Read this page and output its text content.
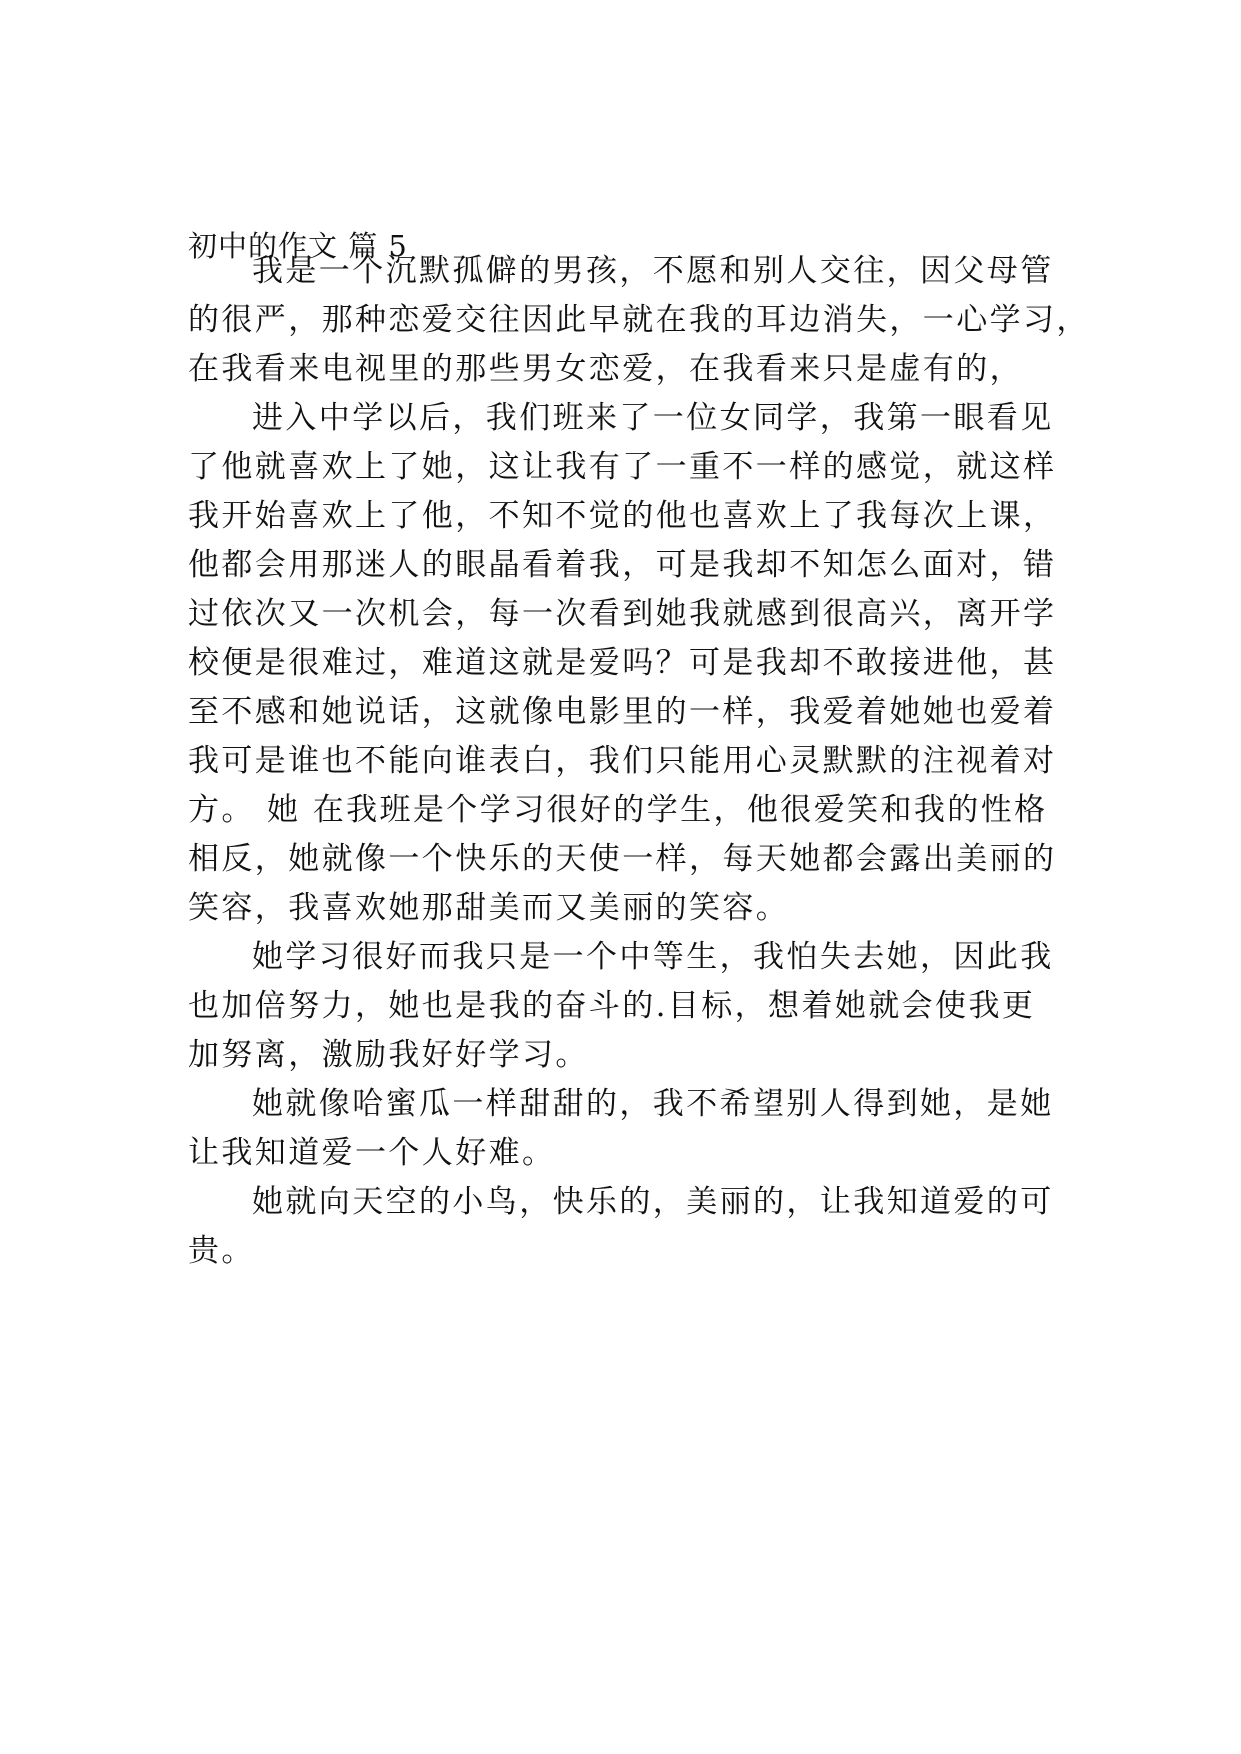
初中的作文 篇 5
我是一个沉默孤僻的男孩，不愿和别人交往，因父母管
的很严，那种恋爱交往因此早就在我的耳边消失，一心学习，
在我看来电视里的那些男女恋爱，在我看来只是虚有的，
进入中学以后，我们班来了一位女同学，我第一眼看见
了他就喜欢上了她，这让我有了一重不一样的感觉，就这样
我开始喜欢上了他，不知不觉的他也喜欢上了我每次上课，
他都会用那迷人的眼晶看着我，可是我却不知怎么面对，错
过依次又一次机会，每一次看到她我就感到很高兴，离开学
校便是很难过，难道这就是爱吗？可是我却不敢接进他，甚
至不感和她说话，这就像电影里的一样，我爱着她她也爱着
我可是谁也不能向谁表白，我们只能用心灵默默的注视着对
方。 她 在我班是个学习很好的学生，他很爱笑和我的性格
相反，她就像一个快乐的天使一样，每天她都会露出美丽的
笑容，我喜欢她那甜美而又美丽的笑容。
她学习很好而我只是一个中等生，我怕失去她，因此我
也加倍努力，她也是我的奋斗的.目标，想着她就会使我更
加努离，激励我好好学习。
她就像哈蜜瓜一样甜甜的，我不希望别人得到她，是她
让我知道爱一个人好难。
她就向天空的小鸟，快乐的，美丽的，让我知道爱的可
贵。
